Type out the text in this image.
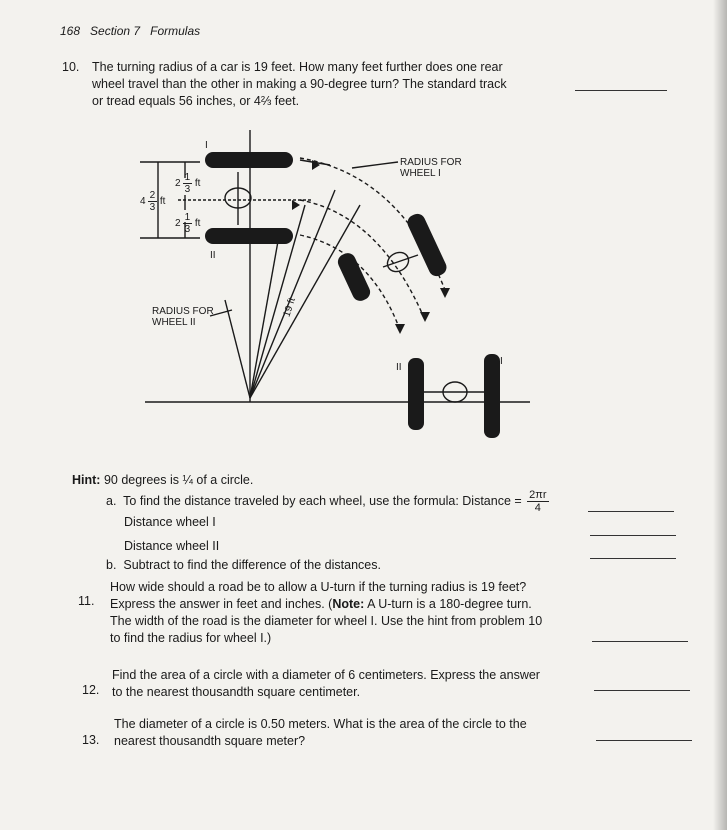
168 Section 7 Formulas
10. The turning radius of a car is 19 feet. How many feet further does one rear
wheel travel than the other in making a 90-degree turn? The standard track
or tread equals 56 inches, or 4⅔ feet.
RADIUS FOR
WHEEL I
RADIUS FOR
WHEEL II
19 ft
I
II
II
I
$4 \frac{2}{3}$ ft
$2 \frac{1}{3}$ ft
$2 \frac{1}{3}$ ft
Hint: 90 degrees is ¼ of a circle.
a. To find the distance traveled by each wheel, use the formula: Distance = $\frac{2\pi r}{4}$
Distance wheel I
Distance wheel II
b. Subtract to find the difference of the distances.
11.
How wide should a road be to allow a U-turn if the turning radius is 19 feet?
Express the answer in feet and inches. (Note: A U-turn is a 180-degree turn.
The width of the road is the diameter for wheel I. Use the hint from problem 10
to find the radius for wheel I.)
12.
Find the area of a circle with a diameter of 6 centimeters. Express the answer
to the nearest thousandth square centimeter.
13.
The diameter of a circle is 0.50 meters. What is the area of the circle to the
nearest thousandth square meter?
